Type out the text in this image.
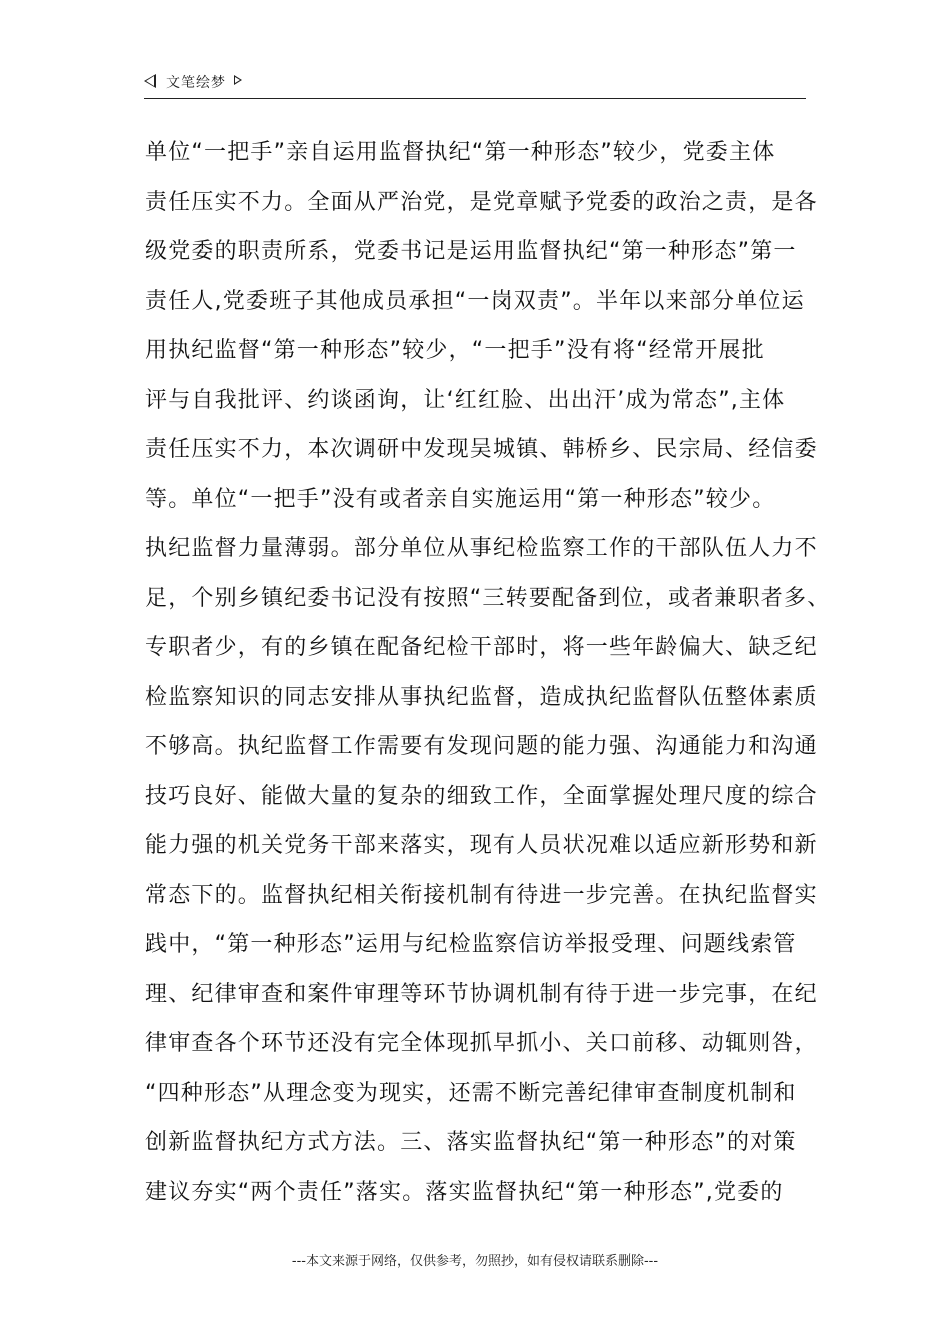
文笔绘梦
单位“一把手”亲自运用监督执纪“第一种形态”较少，党委主体
责任压实不力。全面从严治党，是党章赋予党委的政治之责，是各
级党委的职责所系，党委书记是运用监督执纪“第一种形态”第一
责任人,党委班子其他成员承担“一岗双责”。半年以来部分单位运
用执纪监督“第一种形态”较少，“一把手”没有将“经常开展批
评与自我批评、约谈函询，让‘红红脸、出出汗’成为常态”,主体
责任压实不力，本次调研中发现吴城镇、韩桥乡、民宗局、经信委
等。单位“一把手”没有或者亲自实施运用“第一种形态”较少。
执纪监督力量薄弱。部分单位从事纪检监察工作的干部队伍人力不
足，个别乡镇纪委书记没有按照“三转要配备到位，或者兼职者多、
专职者少，有的乡镇在配备纪检干部时，将一些年龄偏大、缺乏纪
检监察知识的同志安排从事执纪监督，造成执纪监督队伍整体素质
不够高。执纪监督工作需要有发现问题的能力强、沟通能力和沟通
技巧良好、能做大量的复杂的细致工作，全面掌握处理尺度的综合
能力强的机关党务干部来落实，现有人员状况难以适应新形势和新
常态下的。监督执纪相关衔接机制有待进一步完善。在执纪监督实
践中，“第一种形态”运用与纪检监察信访举报受理、问题线索管
理、纪律审查和案件审理等环节协调机制有待于进一步完事，在纪
律审查各个环节还没有完全体现抓早抓小、关口前移、动辄则咎，
“四种形态”从理念变为现实，还需不断完善纪律审查制度机制和
创新监督执纪方式方法。三、落实监督执纪“第一种形态”的对策
建议夯实“两个责任”落实。落实监督执纪“第一种形态”,党委的
---本文来源于网络，仅供参考，勿照抄，如有侵权请联系删除---
